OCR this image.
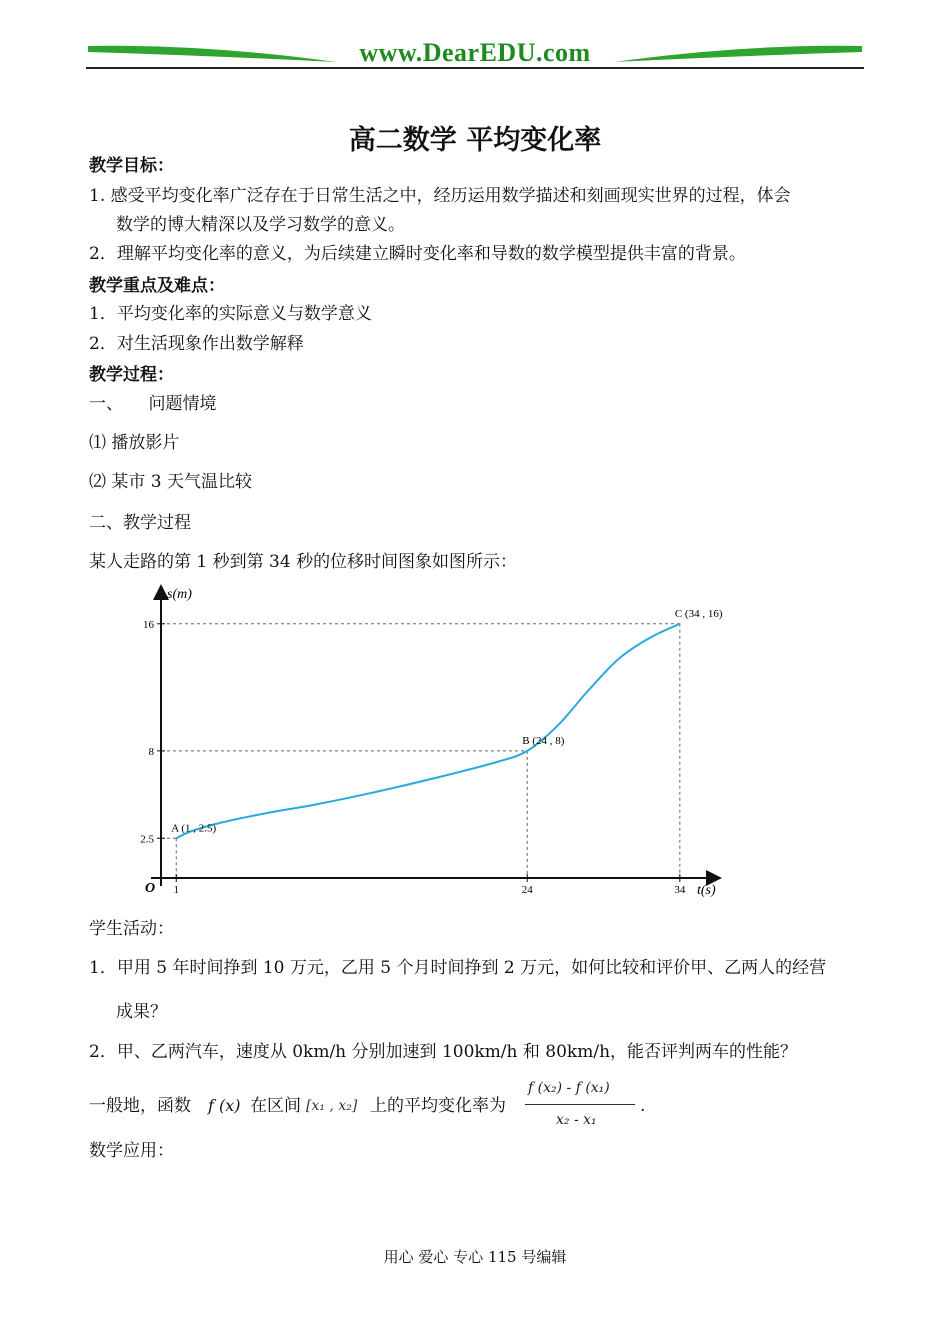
www.DearEDU.com
高二数学 平均变化率
教学目标：
1. 感受平均变化率广泛存在于日常生活之中，经历运用数学描述和刻画现实世界的过程，体会
数学的博大精深以及学习数学的意义。
2．理解平均变化率的意义，为后续建立瞬时变化率和导数的数学模型提供丰富的背景。
教学重点及难点：
1．平均变化率的实际意义与数学意义
2．对生活现象作出数学解释
教学过程：
一、　　问题情境
⑴ 播放影片
⑵ 某市 3 天气温比较
二、教学过程
某人走路的第 1 秒到第 34 秒的位移时间图象如图所示：
1	24	34
2.5
8
16
A (1 , 2.5)
B (24 , 8)
C (34 , 16)
s(m)
t(s)
O
学生活动：
1．甲用 5 年时间挣到 10 万元，乙用 5 个月时间挣到 2 万元，如何比较和评价甲、乙两人的经营
成果？
2．甲、乙两汽车，速度从 0km/h 分别加速到 100km/h 和 80km/h，能否评判两车的性能？
一般地，函数 f (x) 在区间 [x₁ , x₂] 上的平均变化率为
f (x₂) - f (x₁)
x₂ - x₁
.
数学应用：
用心 爱心 专心 115 号编辑
